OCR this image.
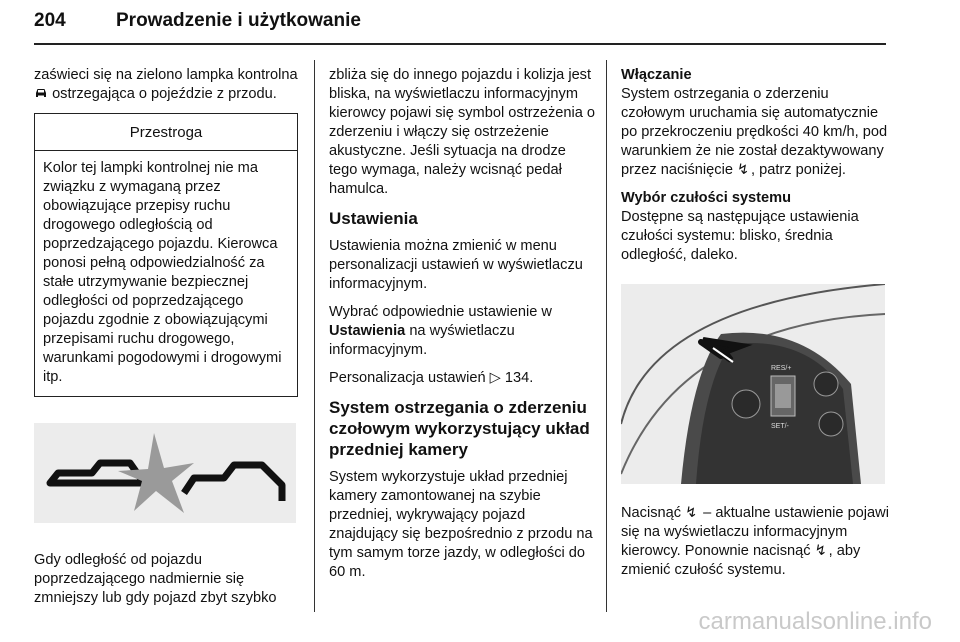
204	Prowadzenie i użytkowanie

zaświeci się na zielono lampka kontrolna  ostrzegająca o pojeździe z przodu.

Przestroga
Kolor tej lampki kontrolnej nie ma związku z wymaganą przez obowiązujące przepisy ruchu drogowego odległością od poprzedzającego pojazdu. Kierowca ponosi pełną odpowiedzialność za stałe utrzymywanie bezpiecznej odległości od poprzedzającego pojazdu zgodnie z obowiązującymi przepisami ruchu drogowego, warunkami pogodowymi i drogowymi itp.

Gdy odległość od pojazdu poprzedzającego nadmiernie się zmniejszy lub gdy pojazd zbyt szybko

zbliża się do innego pojazdu i kolizja jest bliska, na wyświetlaczu informacyjnym kierowcy pojawi się symbol ostrzeżenia o zderzeniu i włączy się ostrzeżenie akustyczne. Jeśli sytuacja na drodze tego wymaga, należy wcisnąć pedał hamulca.

Ustawienia

Ustawienia można zmienić w menu personalizacji ustawień w wyświetlaczu informacyjnym.

Wybrać odpowiednie ustawienie w Ustawienia na wyświetlaczu informacyjnym.

Personalizacja ustawień ▷ 134.

System ostrzegania o zderzeniu czołowym wykorzystujący układ przedniej kamery

System wykorzystuje układ przedniej kamery zamontowanej na szybie przedniej, wykrywający pojazd znajdujący się bezpośrednio z przodu na tym samym torze jazdy, w odległości do 60 m.

Włączanie

System ostrzegania o zderzeniu czołowym uruchamia się automatycznie po przekroczeniu prędkości 40 km/h, pod warunkiem że nie został dezaktywowany przez naciśnięcie ↯ , patrz poniżej.

Wybór czułości systemu

Dostępne są następujące ustawienia czułości systemu: blisko, średnia odległość, daleko.

RES/+
SET/-

Nacisnąć ↯ – aktualne ustawienie pojawi się na wyświetlaczu informacyjnym kierowcy. Ponownie nacisnąć ↯ , aby zmienić czułość systemu.

carmanualsonline.info
